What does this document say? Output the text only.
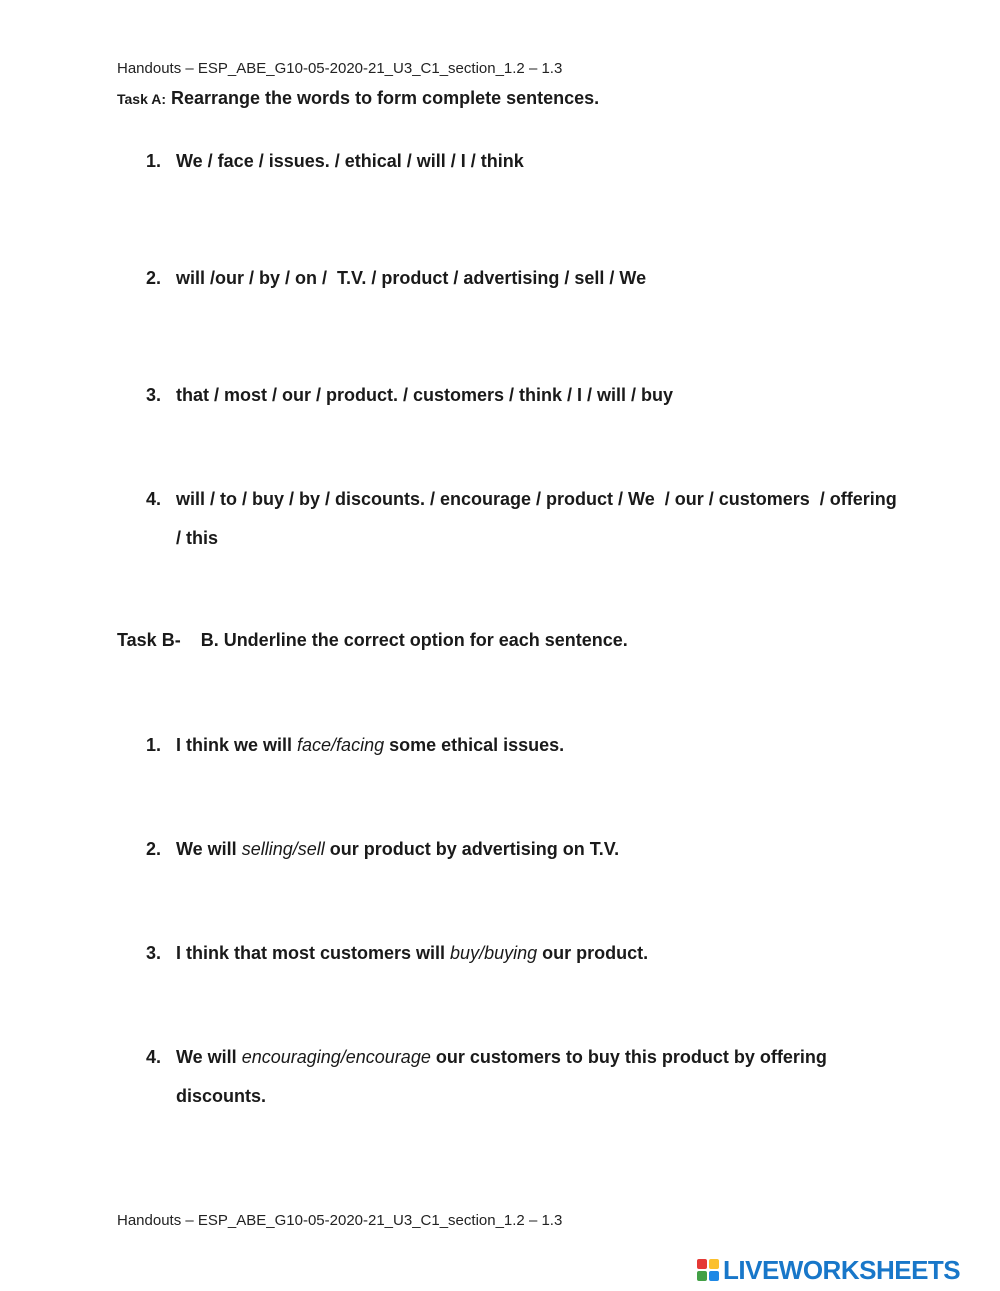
Handouts – ESP_ABE_G10-05-2020-21_U3_C1_section_1.2 – 1.3
Task A: Rearrange the words to form complete sentences.
1. We / face / issues. / ethical / will / I / think
2. will /our / by / on /  T.V. / product / advertising / sell / We
3. that / most / our / product. / customers / think / I / will / buy
4. will / to / buy / by / discounts. / encourage / product / We  / our / customers  / offering  / this
Task B-    B. Underline the correct option for each sentence.
1. I think we will face/facing some ethical issues.
2. We will selling/sell our product by advertising on T.V.
3. I think that most customers will buy/buying our product.
4. We will encouraging/encourage our customers to buy this product by offering discounts.
Handouts – ESP_ABE_G10-05-2020-21_U3_C1_section_1.2 – 1.3
LIVEWORKSHEETS
